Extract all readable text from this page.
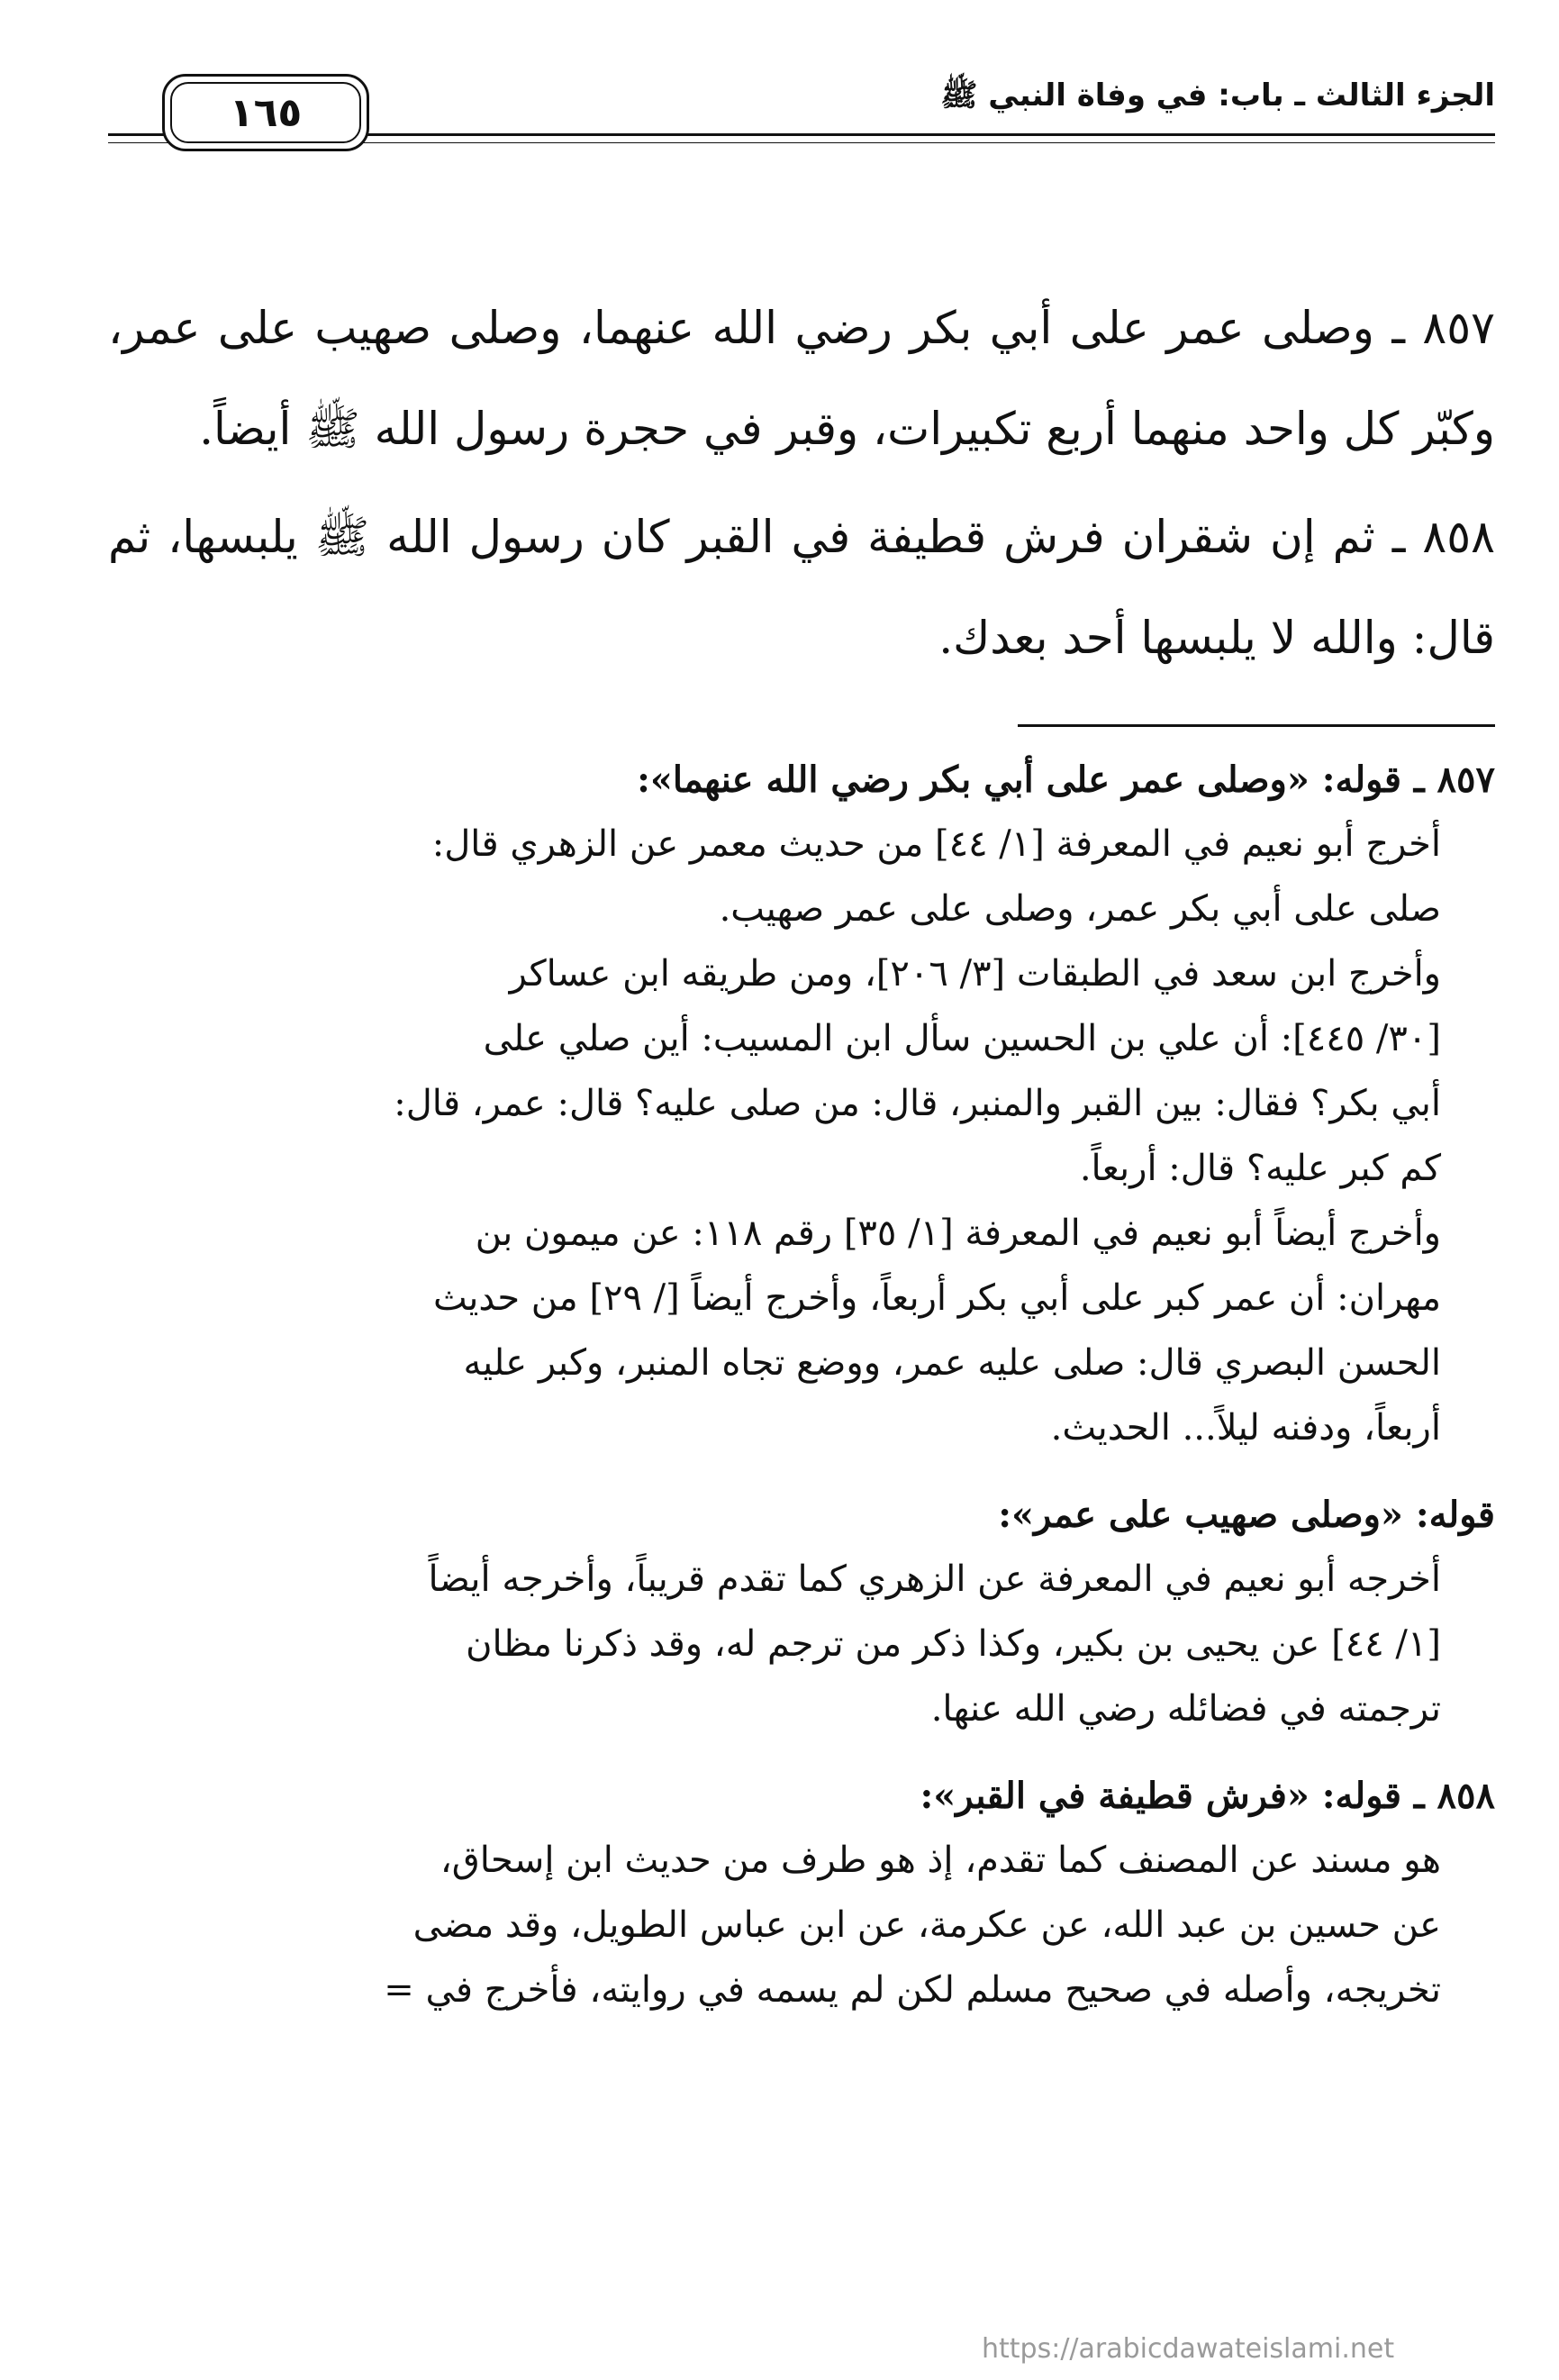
الجزء الثالث ـ باب: في وفاة النبي ﷺ
١٦٥

٨٥٧ ـ وصلى عمر على أبي بكر رضي الله عنهما، وصلى صهيب على عمر، وكبّر كل واحد منهما أربع تكبيرات، وقبر في حجرة رسول الله ﷺ أيضاً.

٨٥٨ ـ ثم إن شقران فرش قطيفة في القبر كان رسول الله ﷺ يلبسها، ثم قال: والله لا يلبسها أحد بعدك.

٨٥٧ ـ قوله: «وصلى عمر على أبي بكر رضي الله عنهما»:

أخرج أبو نعيم في المعرفة [١/ ٤٤] من حديث معمر عن الزهري قال:

صلى على أبي بكر عمر، وصلى على عمر صهيب.

وأخرج ابن سعد في الطبقات [٣/ ٢٠٦]، ومن طريقه ابن عساكر

[٣٠/ ٤٤٥]: أن علي بن الحسين سأل ابن المسيب: أين صلي على

أبي بكر؟ فقال: بين القبر والمنبر، قال: من صلى عليه؟ قال: عمر، قال:

كم كبر عليه؟ قال: أربعاً.

وأخرج أيضاً أبو نعيم في المعرفة [١/ ٣٥] رقم ١١٨: عن ميمون بن

مهران: أن عمر كبر على أبي بكر أربعاً، وأخرج أيضاً [/ ٢٩] من حديث

الحسن البصري قال: صلى عليه عمر، ووضع تجاه المنبر، وكبر عليه

أربعاً، ودفنه ليلاً... الحديث.

قوله: «وصلى صهيب على عمر»:

أخرجه أبو نعيم في المعرفة عن الزهري كما تقدم قريباً، وأخرجه أيضاً

[١/ ٤٤] عن يحيى بن بكير، وكذا ذكر من ترجم له، وقد ذكرنا مظان

ترجمته في فضائله رضي الله عنها.

٨٥٨ ـ قوله: «فرش قطيفة في القبر»:

هو مسند عن المصنف كما تقدم، إذ هو طرف من حديث ابن إسحاق،

عن حسين بن عبد الله، عن عكرمة، عن ابن عباس الطويل، وقد مضى

تخريجه، وأصله في صحيح مسلم لكن لم يسمه في روايته، فأخرج في =

https://arabicdawateislami.net
